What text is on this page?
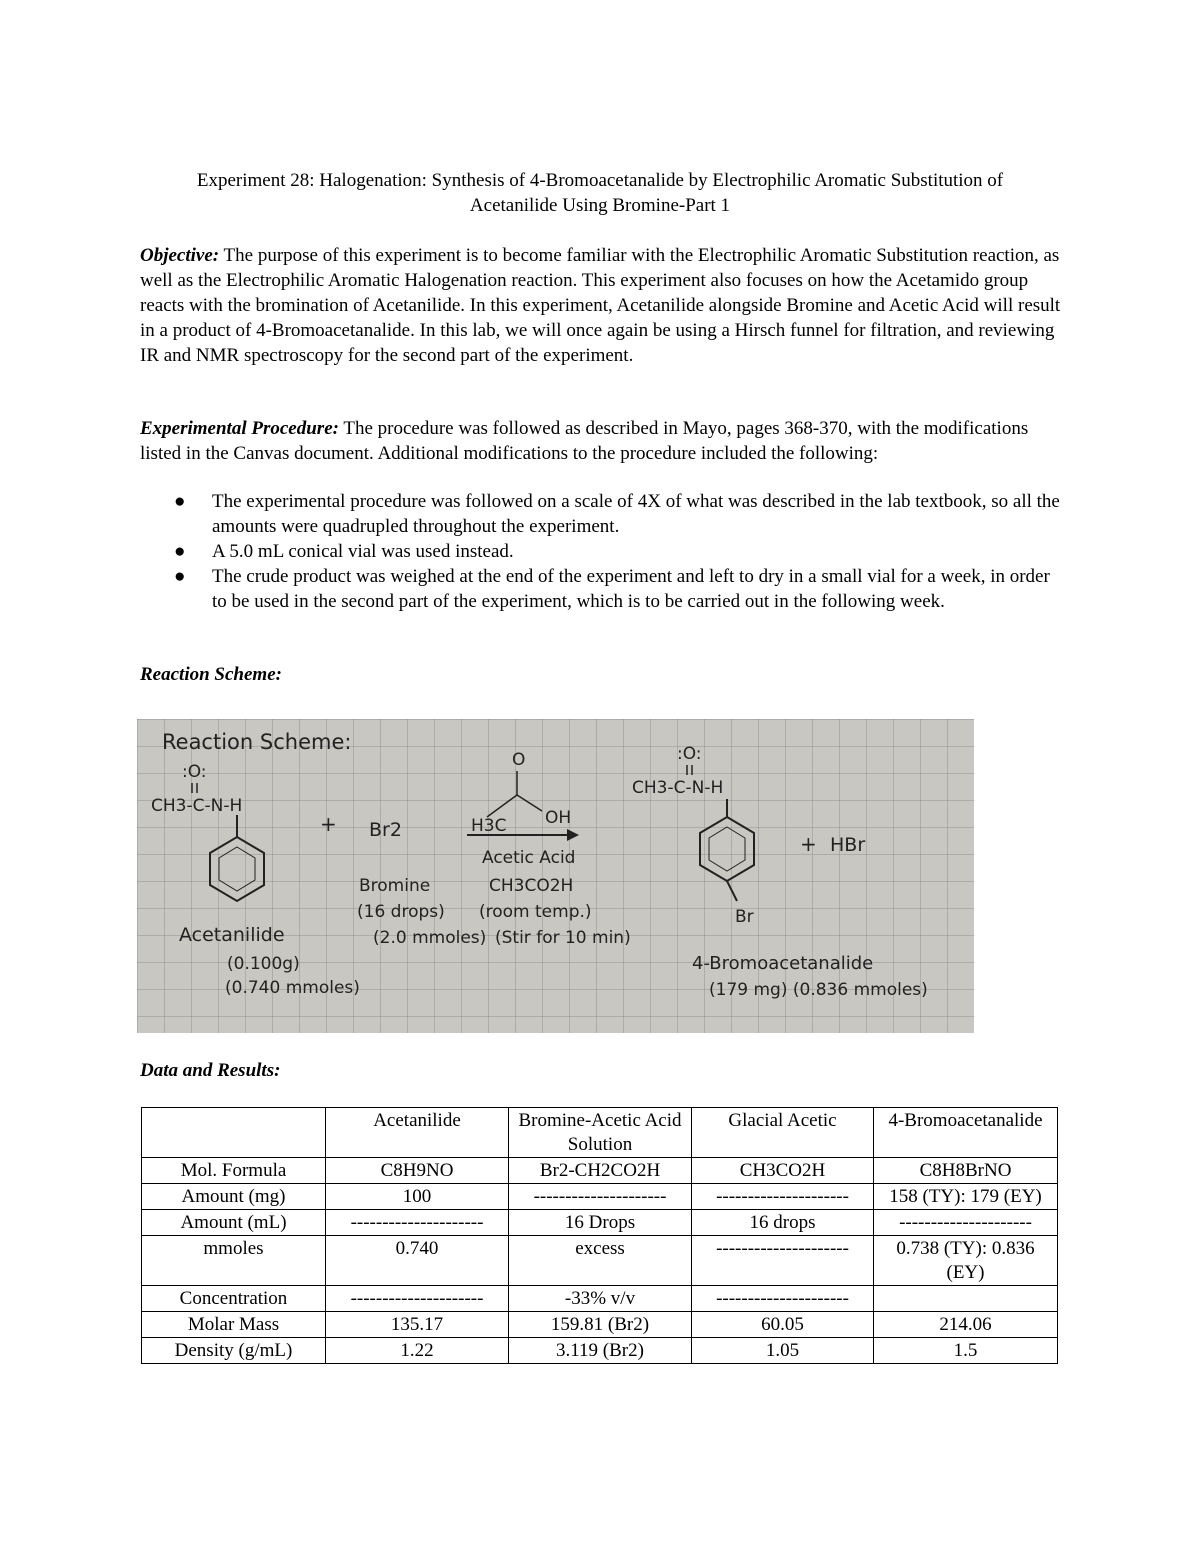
Experiment 28: Halogenation: Synthesis of 4-Bromoacetanalide by Electrophilic Aromatic Substitution of
Acetanilide Using Bromine-Part 1
Objective: The purpose of this experiment is to become familiar with the Electrophilic Aromatic Substitution reaction, as well as the Electrophilic Aromatic Halogenation reaction. This experiment also focuses on how the Acetamido group reacts with the bromination of Acetanilide. In this experiment, Acetanilide alongside Bromine and Acetic Acid will result in a product of 4-Bromoacetanalide. In this lab, we will once again be using a Hirsch funnel for filtration, and reviewing IR and NMR spectroscopy for the second part of the experiment.
Experimental Procedure: The procedure was followed as described in Mayo, pages 368-370, with the modifications listed in the Canvas document. Additional modifications to the procedure included the following:
● The experimental procedure was followed on a scale of 4X of what was described in the lab textbook, so all the amounts were quadrupled throughout the experiment.
● A 5.0 mL conical vial was used instead.
● The crude product was weighed at the end of the experiment and left to dry in a small vial for a week, in order to be used in the second part of the experiment, which is to be carried out in the following week.
Reaction Scheme:
Reaction Scheme:
:O:
CH3-C-N-H
Acetanilide
(0.100g)
(0.740 mmoles)
+ Br2
Bromine
(16 drops)
(2.0 mmoles)
O
OH
H3C
Acetic Acid
CH3CO2H
(room temp.)
(Stir for 10 min)
:O:
CH3-C-N-H
Br
+ HBr
4-Bromoacetanalide
(179 mg) (0.836 mmoles)
Data and Results:
	Acetanilide	Bromine-Acetic Acid Solution	Glacial Acetic	4-Bromoacetanalide
Mol. Formula	C8H9NO	Br2-CH2CO2H	CH3CO2H	C8H8BrNO
Amount (mg)	100	---------------------	---------------------	158 (TY): 179 (EY)
Amount (mL)	---------------------	16 Drops	16 drops	---------------------
mmoles	0.740	excess	---------------------	0.738 (TY): 0.836 (EY)
Concentration	---------------------	-33% v/v	---------------------	
Molar Mass	135.17	159.81 (Br2)	60.05	214.06
Density (g/mL)	1.22	3.119 (Br2)	1.05	1.5
